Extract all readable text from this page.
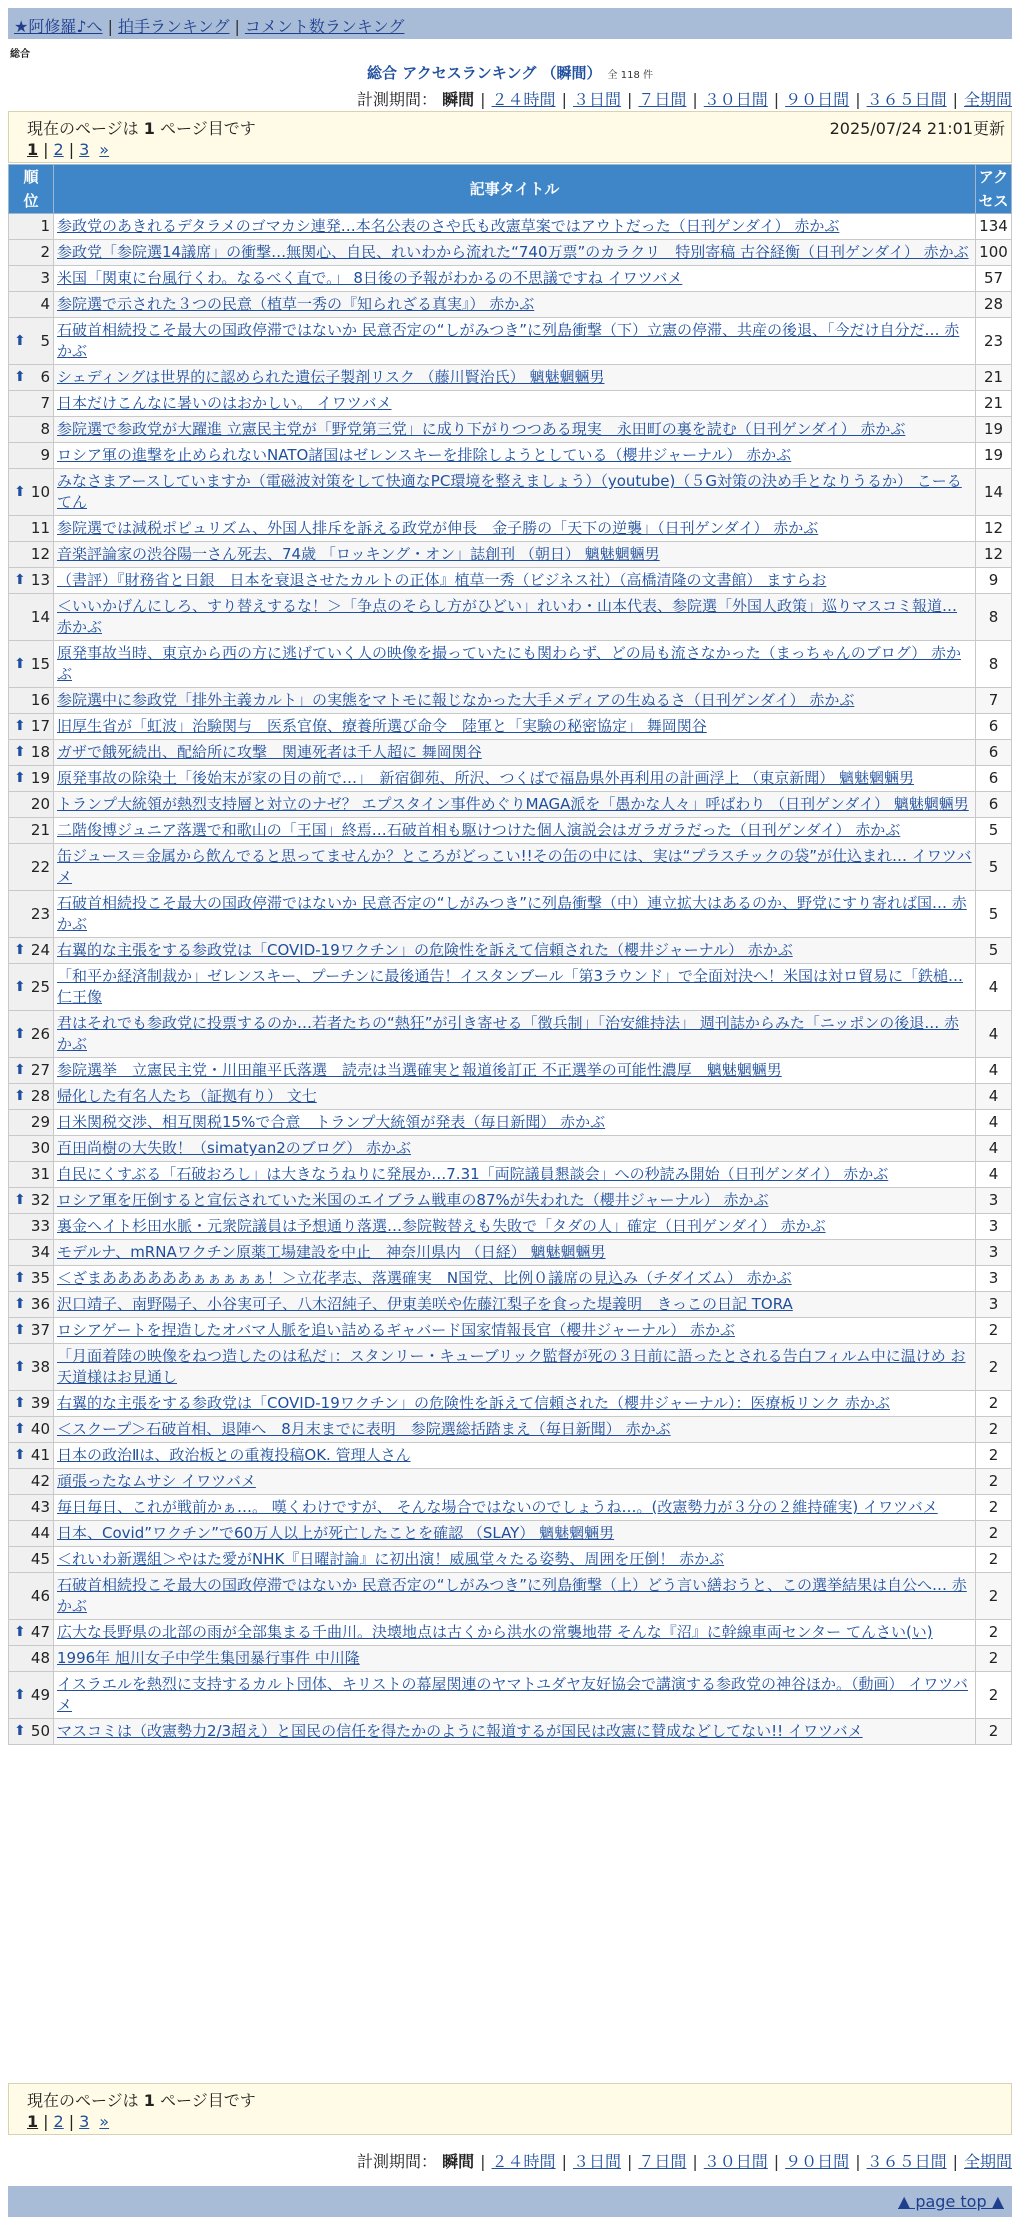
★阿修羅♪へ | 拍手ランキング | コメント数ランキング
総合
総合 アクセスランキング （瞬間） 全 118 件
計測期間： 瞬間 | ２４時間 | ３日間 | ７日間 | ３０日間 | ９０日間 | ３６５日間 | 全期間
現在のページは 1 ページ目です	2025/07/24 21:01更新
1 | 2 | 3 »
順位	記事タイトル	アクセス

1	参政党のあきれるデタラメのゴマカシ連発…本名公表のさや氏も改憲草案ではアウトだった（日刊ゲンダイ） 赤かぶ	134
2	参政党「参院選14議席」の衝撃…無関心、自民、れいわから流れた“740万票”のカラクリ　特別寄稿 古谷経衡（日刊ゲンダイ） 赤かぶ	100
3	米国「関東に台風行くわ。なるべく直で。」 8日後の予報がわかるの不思議ですね イワツバメ	57
4	参院選で示された３つの民意（植草一秀の『知られざる真実』） 赤かぶ	28

⬆ 5	石破首相続投こそ最大の国政停滞ではないか 民意否定の“しがみつき”に列島衝撃（下）立憲の停滞、共産の後退、「今だけ自分だ… 赤かぶ	23

⬆ 6	シェディングは世界的に認められた遺伝子製剤リスク （藤川賢治氏） 魑魅魍魎男	21
7	日本だけこんなに暑いのはおかしい。 イワツバメ	21
8	参院選で参政党が大躍進 立憲民主党が「野党第三党」に成り下がりつつある現実　永田町の裏を読む（日刊ゲンダイ） 赤かぶ	19
9	ロシア軍の進撃を止められないNATO諸国はゼレンスキーを排除しようとしている（櫻井ジャーナル） 赤かぶ	19

⬆ 10	みなさまアースしていますか（電磁波対策をして快適なPC環境を整えましょう）（youtube)（５G対策の決め手となりうるか） こーるてん	14
11	参院選では減税ポピュリズム、外国人排斥を訴える政党が伸長　金子勝の「天下の逆襲」（日刊ゲンダイ） 赤かぶ	12
12	音楽評論家の渋谷陽一さん死去、74歳 「ロッキング・オン」誌創刊 （朝日） 魑魅魍魎男	12

⬆ 13	（書評）『財務省と日銀　日本を衰退させたカルトの正体』植草一秀（ビジネス社）（高橋清隆の文書館） ますらお	9
14	＜いいかげんにしろ、すり替えするな！＞「争点のそらし方がひどい」れいわ・山本代表、参院選「外国人政策」巡りマスコミ報道… 赤かぶ	8

⬆ 15	原発事故当時、東京から西の方に逃げていく人の映像を撮っていたにも関わらず、どの局も流さなかった（まっちゃんのブログ） 赤かぶ	8
16	参院選中に参政党「排外主義カルト」の実態をマトモに報じなかった大手メディアの生ぬるさ（日刊ゲンダイ） 赤かぶ	7

⬆ 17	旧厚生省が「虹波」治験関与　医系官僚、療養所選び命令　陸軍と「実験の秘密協定」 舞岡関谷	6

⬆ 18	ガザで餓死続出、配給所に攻撃　関連死者は千人超に 舞岡関谷	6

⬆ 19	原発事故の除染土「後始末が家の目の前で…」　新宿御苑、所沢、つくばで福島県外再利用の計画浮上 （東京新聞） 魑魅魍魎男	6
20	トランプ大統領が熱烈支持層と対立のナゼ？ エプスタイン事件めぐりMAGA派を「愚かな人々」呼ばわり （日刊ゲンダイ） 魑魅魍魎男	6
21	二階俊博ジュニア落選で和歌山の「王国」終焉…石破首相も駆けつけた個人演説会はガラガラだった（日刊ゲンダイ） 赤かぶ	5
22	缶ジュース＝金属から飲んでると思ってませんか？ところがどっこい!!その缶の中には、実は“プラスチックの袋”が仕込まれ… イワツバメ	5
23	石破首相続投こそ最大の国政停滞ではないか 民意否定の“しがみつき”に列島衝撃（中）連立拡大はあるのか、野党にすり寄れば国… 赤かぶ	5

⬆ 24	右翼的な主張をする参政党は「COVID-19ワクチン」の危険性を訴えて信頼された（櫻井ジャーナル） 赤かぶ	5

⬆ 25	「和平か経済制裁か」ゼレンスキー、プーチンに最後通告！イスタンブール「第3ラウンド」で全面対決へ！米国は対ロ貿易に「鉄槌… 仁王像	4

⬆ 26	君はそれでも参政党に投票するのか…若者たちの“熱狂”が引き寄せる「徴兵制」「治安維持法」 週刊誌からみた「ニッポンの後退… 赤かぶ	4

⬆ 27	参院選挙　立憲民主党・川田龍平氏落選　読売は当選確実と報道後訂正 不正選挙の可能性濃厚　魑魅魍魎男	4

⬆ 28	帰化した有名人たち（証拠有り） 文七	4
29	日米関税交渉、相互関税15%で合意　トランプ大統領が発表（毎日新聞） 赤かぶ	4
30	百田尚樹の大失敗！（simatyan2のブログ） 赤かぶ	4
31	自民にくすぶる「石破おろし」は大きなうねりに発展か…7.31「両院議員懇談会」への秒読み開始（日刊ゲンダイ） 赤かぶ	4

⬆ 32	ロシア軍を圧倒すると宣伝されていた米国のエイブラム戦車の87%が失われた（櫻井ジャーナル） 赤かぶ	3
33	裏金ヘイト杉田水脈・元衆院議員は予想通り落選…参院鞍替えも失敗で「タダの人」確定（日刊ゲンダイ） 赤かぶ	3
34	モデルナ、mRNAワクチン原薬工場建設を中止　神奈川県内 （日経） 魑魅魍魎男	3

⬆ 35	＜ざまああああああぁぁぁぁぁ！＞立花孝志、落選確実　N国党、比例０議席の見込み（チダイズム） 赤かぶ	3

⬆ 36	沢口靖子、南野陽子、小谷実可子、八木沼純子、伊東美咲や佐藤江梨子を食った堤義明　きっこの日記 TORA	3

⬆ 37	ロシアゲートを捏造したオバマ人脈を追い詰めるギャバード国家情報長官（櫻井ジャーナル） 赤かぶ	2

⬆ 38	「月面着陸の映像をねつ造したのは私だ」：スタンリー・キューブリック監督が死の３日前に語ったとされる告白フィルム中に温けめ お天道様はお見通し	2

⬆ 39	右翼的な主張をする参政党は「COVID-19ワクチン」の危険性を訴えて信頼された（櫻井ジャーナル）：医療板リンク 赤かぶ	2

⬆ 40	＜スクープ＞石破首相、退陣へ　8月末までに表明　参院選総括踏まえ（毎日新聞） 赤かぶ	2

⬆ 41	日本の政治Ⅱは、政治板との重複投稿OK. 管理人さん	2
42	頑張ったなムサシ イワツバメ	2
43	毎日毎日、これが戦前かぁ…。 嘆くわけですが、 そんな場合ではないのでしょうね…。(改憲勢力が３分の２維持確実) イワツバメ	2
44	日本、Covid”ワクチン”で60万人以上が死亡したことを確認 （SLAY） 魑魅魍魎男	2
45	＜れいわ新選組＞やはた愛がNHK『日曜討論』に初出演！威風堂々たる姿勢、周囲を圧倒！ 赤かぶ	2
46	石破首相続投こそ最大の国政停滞ではないか 民意否定の“しがみつき”に列島衝撃（上）どう言い繕おうと、この選挙結果は自公へ… 赤かぶ	2

⬆ 47	広大な長野県の北部の雨が全部集まる千曲川。決壊地点は古くから洪水の常襲地帯 そんな『沼』に幹線車両センター てんさい(い)	2
48	1996年 旭川女子中学生集団暴行事件 中川隆	2

⬆ 49	イスラエルを熱烈に支持するカルト団体、キリストの幕屋関連のヤマトユダヤ友好協会で講演する参政党の神谷ほか。（動画） イワツバメ	2

⬆ 50	マスコミは（改憲勢力2/3超え）と国民の信任を得たかのように報道するが国民は改憲に賛成などしてない!! イワツバメ	2
現在のページは 1 ページ目です
1 | 2 | 3 »
計測期間： 瞬間 | ２４時間 | ３日間 | ７日間 | ３０日間 | ９０日間 | ３６５日間 | 全期間
▲ page top ▲
